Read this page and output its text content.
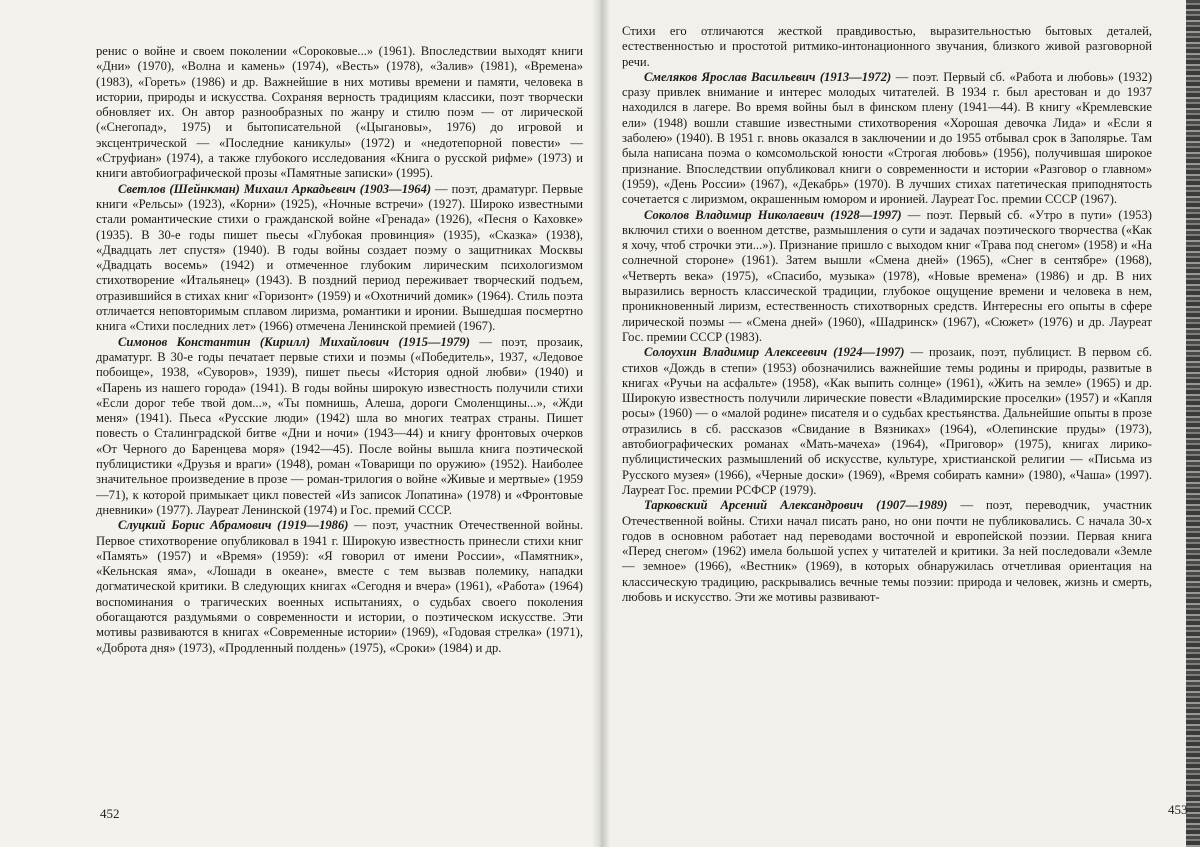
ренис о войне и своем поколении «Сороковые...» (1961). Впоследствии выходят книги «Дни» (1970), «Волна и камень» (1974), «Весть» (1978), «Залив» (1981), «Времена» (1983), «Гореть» (1986) и др. Важнейшие в них мотивы времени и памяти, человека в истории, природы и искусства. Сохраняя верность традициям классики, поэт творчески обновляет их. Он автор разнообразных по жанру и стилю поэм — от лирической («Снегопад», 1975) и бытописательной («Цыгановы», 1976) до игровой и эксцентрической — «Последние каникулы» (1972) и «недотепорной повести» — «Струфиан» (1974), а также глубокого исследования «Книга о русской рифме» (1973) и книги автобиографической прозы «Памятные записки» (1995).

Светлов (Шейнкман) Михаил Аркадьевич (1903—1964) — поэт, драматург. Первые книги «Рельсы» (1923), «Корни» (1925), «Ночные встречи» (1927). Широко известными стали романтические стихи о гражданской войне «Гренада» (1926), «Песня о Каховке» (1935). В 30-е годы пишет пьесы «Глубокая провинция» (1935), «Сказка» (1938), «Двадцать лет спустя» (1940). В годы войны создает поэму о защитниках Москвы «Двадцать восемь» (1942) и отмеченное глубоким лирическим психологизмом стихотворение «Итальянец» (1943). В поздний период переживает творческий подъем, отразившийся в стихах книг «Горизонт» (1959) и «Охотничий домик» (1964). Стиль поэта отличается неповторимым сплавом лиризма, романтики и иронии. Вышедшая посмертно книга «Стихи последних лет» (1966) отмечена Ленинской премией (1967).

Симонов Константин (Кирилл) Михайлович (1915—1979) — поэт, прозаик, драматург. В 30-е годы печатает первые стихи и поэмы («Победитель», 1937, «Ледовое побоище», 1938, «Суворов», 1939), пишет пьесы «История одной любви» (1940) и «Парень из нашего города» (1941). В годы войны широкую известность получили стихи «Если дорог тебе твой дом...», «Ты помнишь, Алеша, дороги Смоленщины...», «Жди меня» (1941). Пьеса «Русские люди» (1942) шла во многих театрах страны. Пишет повесть о Сталинградской битве «Дни и ночи» (1943—44) и книгу фронтовых очерков «От Черного до Баренцева моря» (1942—45). После войны вышла книга поэтической публицистики «Друзья и враги» (1948), роман «Товарищи по оружию» (1952). Наиболее значительное произведение в прозе — роман-трилогия о войне «Живые и мертвые» (1959—71), к которой примыкает цикл повестей «Из записок Лопатина» (1978) и «Фронтовые дневники» (1977). Лауреат Ленинской (1974) и Гос. премий СССР.

Слуцкий Борис Абрамович (1919—1986) — поэт, участник Отечественной войны. Первое стихотворение опубликовал в 1941 г. Широкую известность принесли стихи книг «Память» (1957) и «Время» (1959): «Я говорил от имени России», «Памятник», «Кельнская яма», «Лошади в океане», вместе с тем вызвав полемику, нападки догматической критики. В следующих книгах «Сегодня и вчера» (1961), «Работа» (1964) воспоминания о трагических военных испытаниях, о судьбах своего поколения обогащаются раздумьями о современности и истории, о поэтическом искусстве. Эти мотивы развиваются в книгах «Современные истории» (1969), «Годовая стрелка» (1971), «Доброта дня» (1973), «Продленный полдень» (1975), «Сроки» (1984) и др.

452

Стихи его отличаются жесткой правдивостью, выразительностью бытовых деталей, естественностью и простотой ритмико-интонационного звучания, близкого живой разговорной речи.

Смеляков Ярослав Васильевич (1913—1972) — поэт. Первый сб. «Работа и любовь» (1932) сразу привлек внимание и интерес молодых читателей. В 1934 г. был арестован и до 1937 находился в лагере. Во время войны был в финском плену (1941—44). В книгу «Кремлевские ели» (1948) вошли ставшие известными стихотворения «Хорошая девочка Лида» и «Если я заболею» (1940). В 1951 г. вновь оказался в заключении и до 1955 отбывал срок в Заполярье. Там была написана поэма о комсомольской юности «Строгая любовь» (1956), получившая широкое признание. Впоследствии опубликовал книги о современности и истории «Разговор о главном» (1959), «День России» (1967), «Декабрь» (1970). В лучших стихах патетическая приподнятость сочетается с лиризмом, окрашенным юмором и иронией. Лауреат Гос. премии СССР (1967).

Соколов Владимир Николаевич (1928—1997) — поэт. Первый сб. «Утро в пути» (1953) включил стихи о военном детстве, размышления о сути и задачах поэтического творчества («Как я хочу, чтоб строчки эти...»). Признание пришло с выходом книг «Трава под снегом» (1958) и «На солнечной стороне» (1961). Затем вышли «Смена дней» (1965), «Снег в сентябре» (1968), «Четверть века» (1975), «Спасибо, музыка» (1978), «Новые времена» (1986) и др. В них выразились верность классической традиции, глубокое ощущение времени и человека в нем, проникновенный лиризм, естественность стихотворных средств. Интересны его опыты в сфере лирической поэмы — «Смена дней» (1960), «Шадринск» (1967), «Сюжет» (1976) и др. Лауреат Гос. премии СССР (1983).

Солоухин Владимир Алексеевич (1924—1997) — прозаик, поэт, публицист. В первом сб. стихов «Дождь в степи» (1953) обозначились важнейшие темы родины и природы, развитые в книгах «Ручьи на асфальте» (1958), «Как выпить солнце» (1961), «Жить на земле» (1965) и др. Широкую известность получили лирические повести «Владимирские проселки» (1957) и «Капля росы» (1960) — о «малой родине» писателя и о судьбах крестьянства. Дальнейшие опыты в прозе отразились в сб. рассказов «Свидание в Вязниках» (1964), «Олепинские пруды» (1973), автобиографических романах «Мать-мачеха» (1964), «Приговор» (1975), книгах лирико-публицистических размышлений об искусстве, культуре, христианской религии — «Письма из Русского музея» (1966), «Черные доски» (1969), «Время собирать камни» (1980), «Чаша» (1997). Лауреат Гос. премии РСФСР (1979).

Тарковский Арсений Александрович (1907—1989) — поэт, переводчик, участник Отечественной войны. Стихи начал писать рано, но они почти не публиковались. С начала 30-х годов в основном работает над переводами восточной и европейской поэзии. Первая книга «Перед снегом» (1962) имела большой успех у читателей и критики. За ней последовали «Земле — земное» (1966), «Вестник» (1969), в которых обнаружилась отчетливая ориентация на классическую традицию, раскрывались вечные темы поэзии: природа и человек, жизнь и смерть, любовь и искусство. Эти же мотивы развивают-

453
